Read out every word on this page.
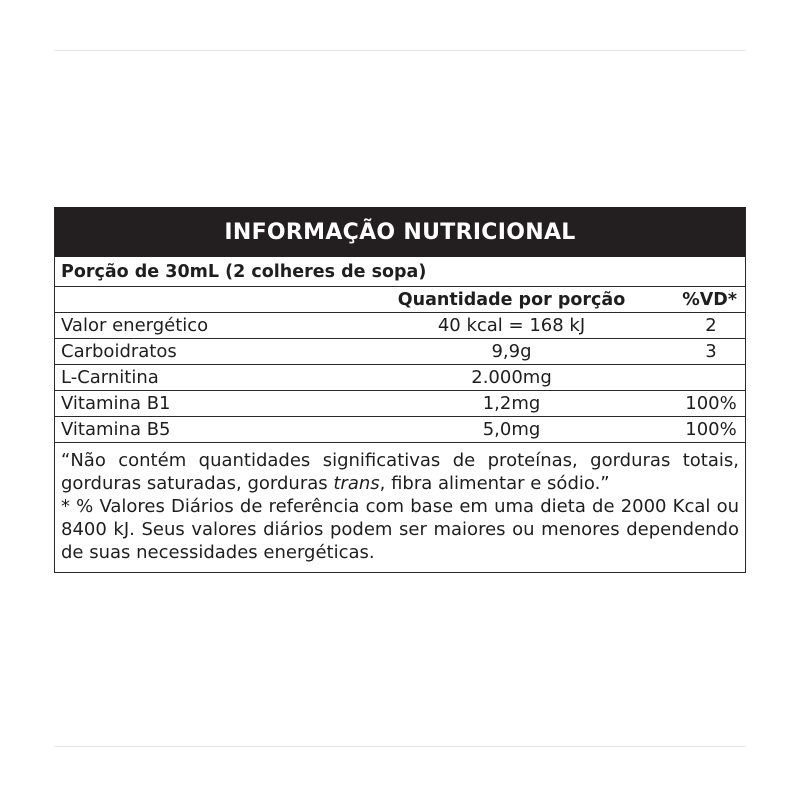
INFORMAÇÃO NUTRICIONAL
Porção de 30mL (2 colheres de sopa)
Quantidade por porção	%VD*
Valor energético	40 kcal = 168 kJ	2
Carboidratos	9,9g	3
L-Carnitina	2.000mg
Vitamina B1	1,2mg	100%
Vitamina B5	5,0mg	100%

“Não contém quantidades significativas de proteínas, gorduras totais, gorduras saturadas, gorduras trans, fibra alimentar e sódio.”

* % Valores Diários de referência com base em uma dieta de 2000 Kcal ou 8400 kJ. Seus valores diários podem ser maiores ou menores dependendo de suas necessidades energéticas.
